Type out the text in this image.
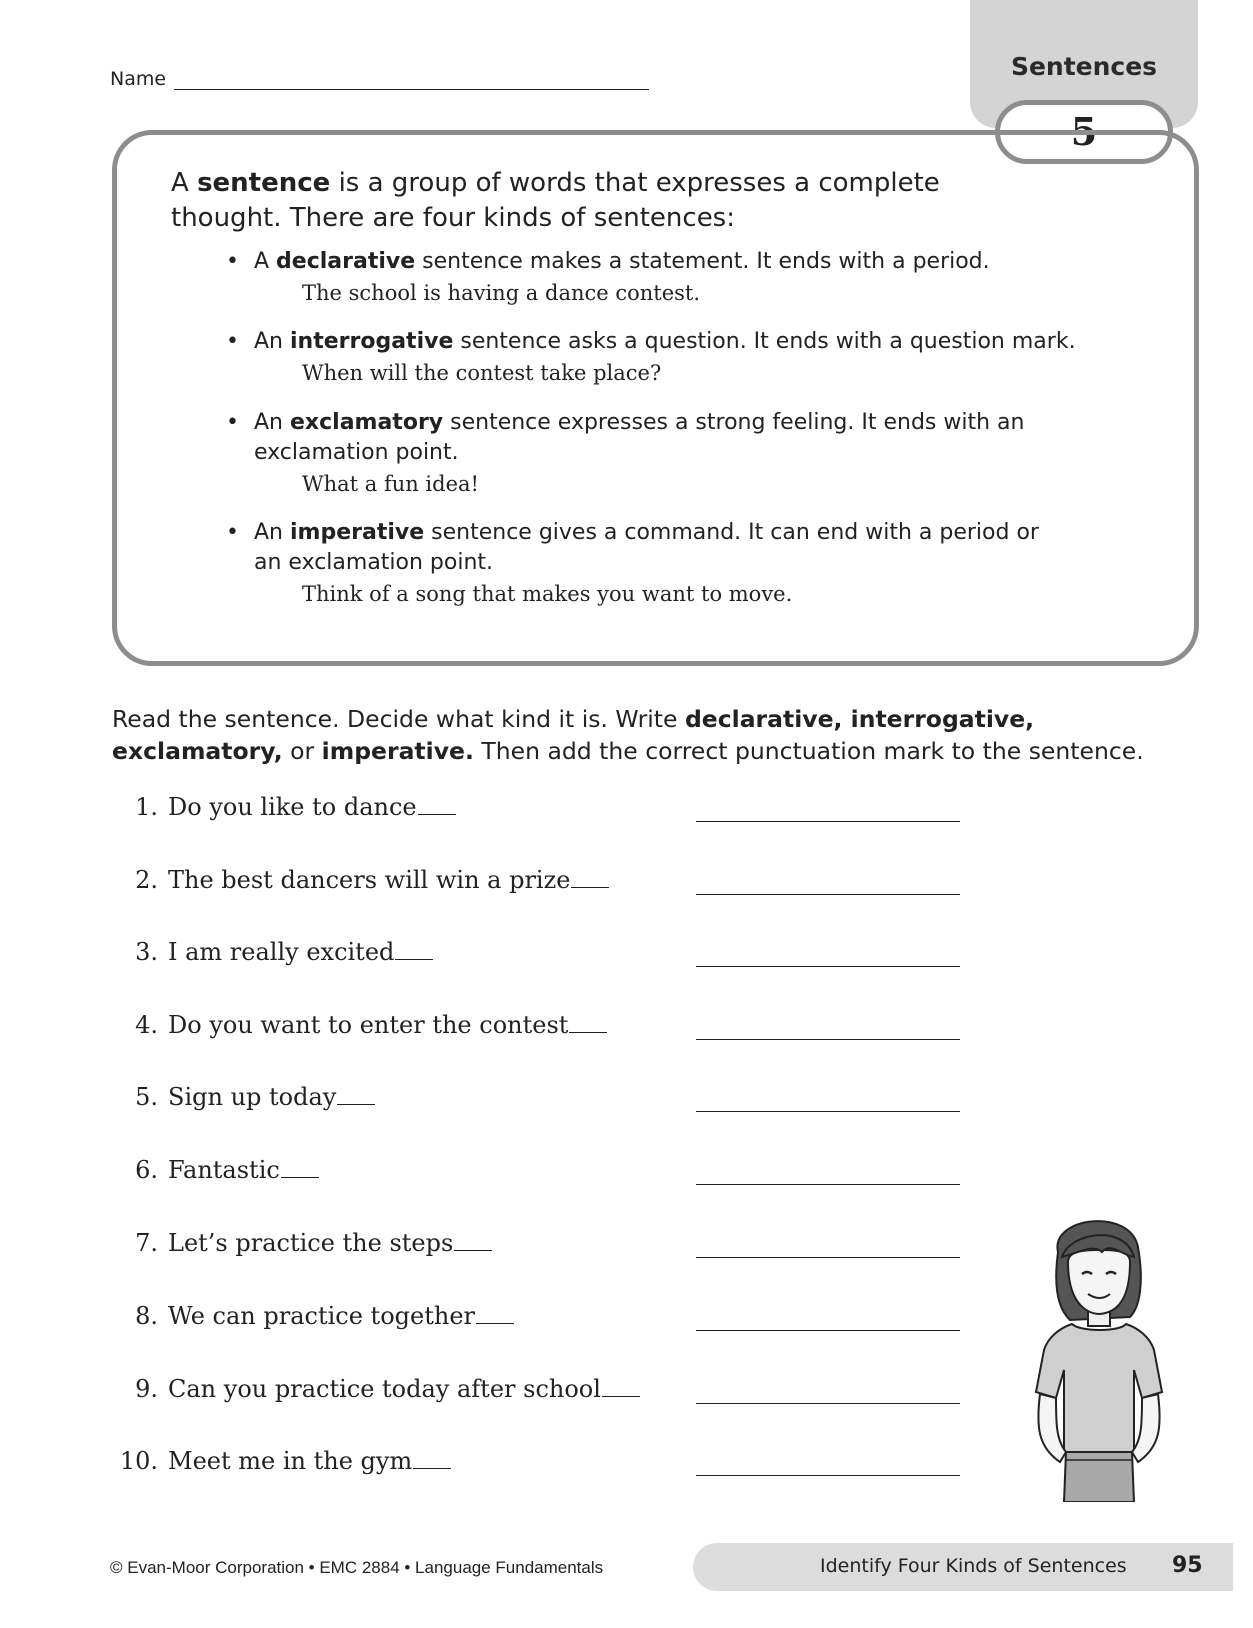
Name	Sentences
5
A sentence is a group of words that expresses a complete thought. There are four kinds of sentences:
• A declarative sentence makes a statement. It ends with a period.
The school is having a dance contest.
• An interrogative sentence asks a question. It ends with a question mark.
When will the contest take place?
• An exclamatory sentence expresses a strong feeling. It ends with an exclamation point.
What a fun idea!
• An imperative sentence gives a command. It can end with a period or an exclamation point.
Think of a song that makes you want to move.
Read the sentence. Decide what kind it is. Write declarative, interrogative,
exclamatory, or imperative. Then add the correct punctuation mark to the sentence.
1. Do you like to dance
2. The best dancers will win a prize
3. I am really excited
4. Do you want to enter the contest
5. Sign up today
6. Fantastic
7. Let’s practice the steps
8. We can practice together
9. Can you practice today after school
10. Meet me in the gym
© Evan-Moor Corporation • EMC 2884 • Language Fundamentals	Identify Four Kinds of Sentences 95
